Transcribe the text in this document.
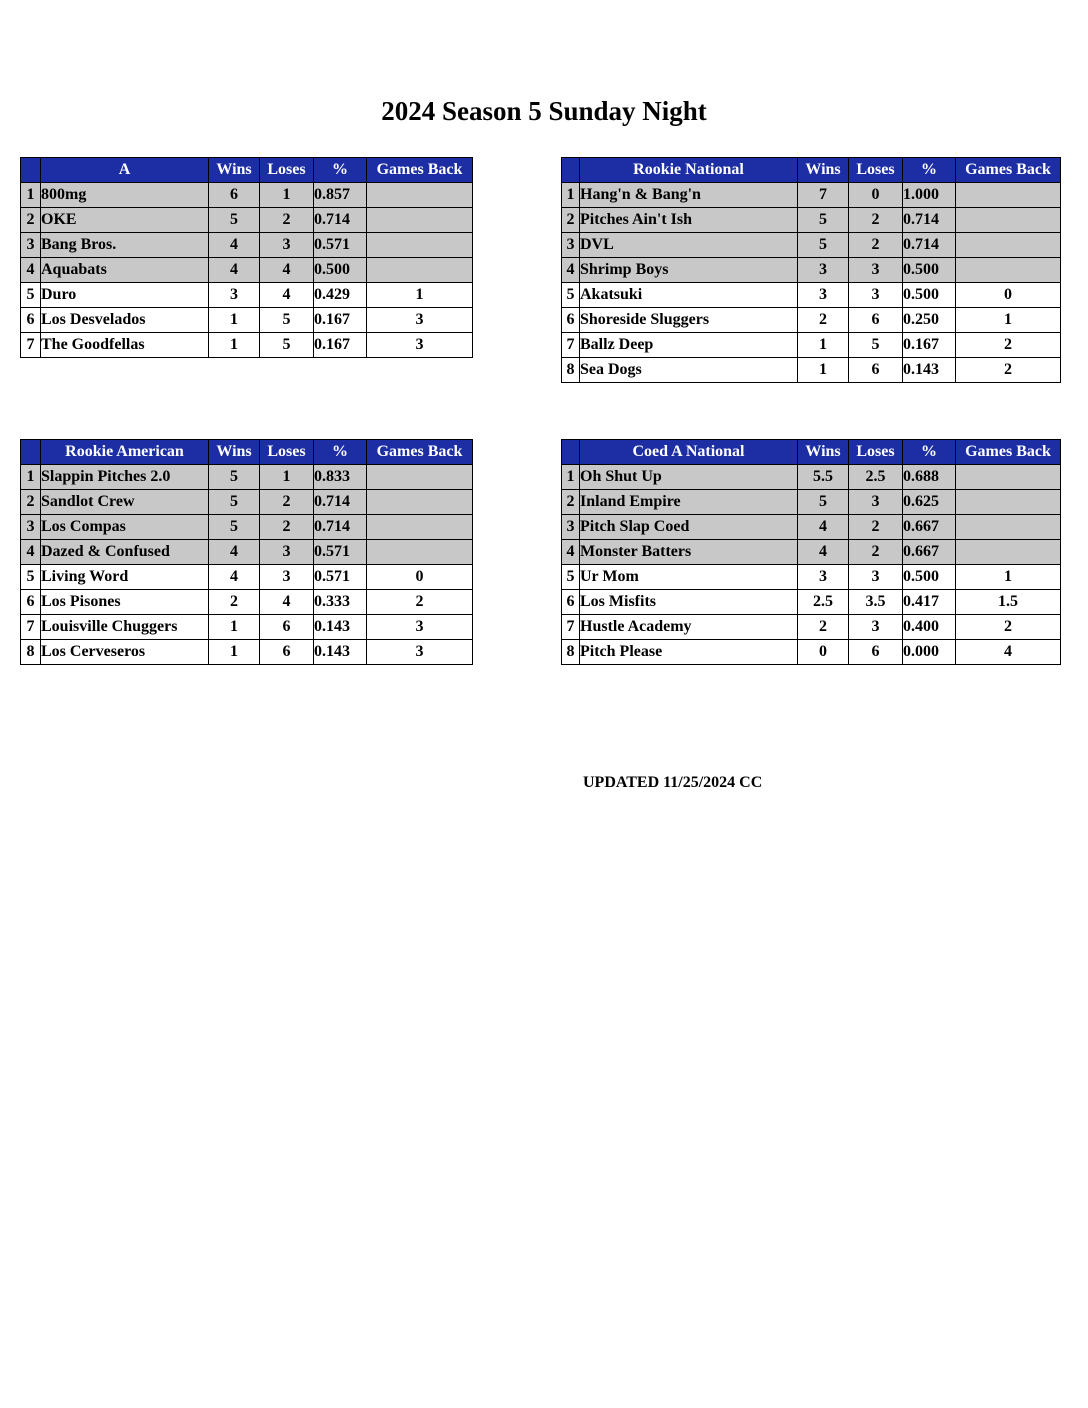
2024 Season 5 Sunday Night
	A	Wins	Loses	%	Games Back
1	800mg	6	1	0.857	
2	OKE	5	2	0.714	
3	Bang Bros.	4	3	0.571	
4	Aquabats	4	4	0.500	
5	Duro	3	4	0.429	1
6	Los Desvelados	1	5	0.167	3
7	The Goodfellas	1	5	0.167	3
	Rookie National	Wins	Loses	%	Games Back
1	Hang'n & Bang'n	7	0	1.000	
2	Pitches Ain't Ish	5	2	0.714	
3	DVL	5	2	0.714	
4	Shrimp Boys	3	3	0.500	
5	Akatsuki	3	3	0.500	0
6	Shoreside Sluggers	2	6	0.250	1
7	Ballz Deep	1	5	0.167	2
8	Sea Dogs	1	6	0.143	2
	Rookie American	Wins	Loses	%	Games Back
1	Slappin Pitches 2.0	5	1	0.833	
2	Sandlot Crew	5	2	0.714	
3	Los Compas	5	2	0.714	
4	Dazed & Confused	4	3	0.571	
5	Living Word	4	3	0.571	0
6	Los Pisones	2	4	0.333	2
7	Louisville Chuggers	1	6	0.143	3
8	Los Cerveseros	1	6	0.143	3
	Coed A National	Wins	Loses	%	Games Back
1	Oh Shut Up	5.5	2.5	0.688	
2	Inland Empire	5	3	0.625	
3	Pitch Slap Coed	4	2	0.667	
4	Monster Batters	4	2	0.667	
5	Ur Mom	3	3	0.500	1
6	Los Misfits	2.5	3.5	0.417	1.5
7	Hustle Academy	2	3	0.400	2
8	Pitch Please	0	6	0.000	4
UPDATED 11/25/2024 CC
